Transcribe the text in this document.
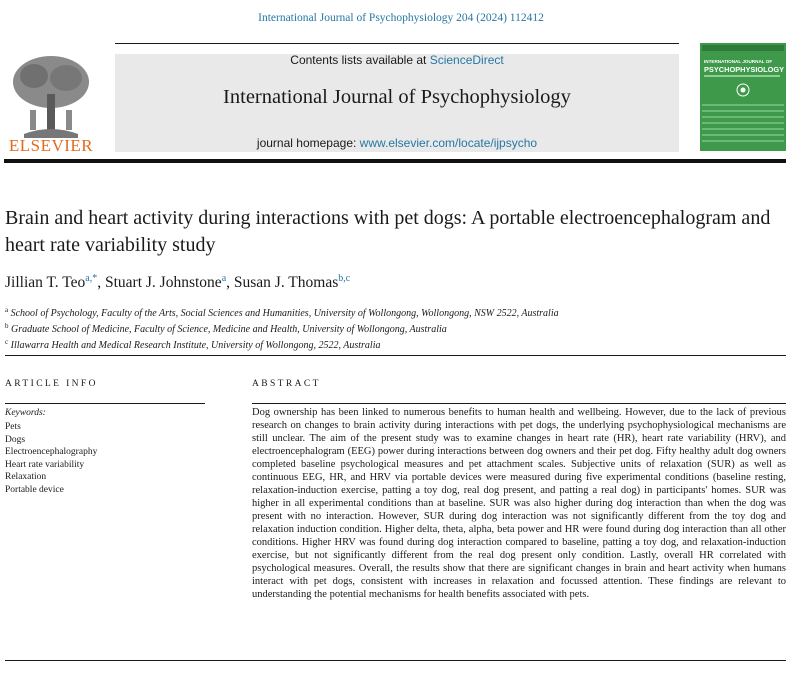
International Journal of Psychophysiology 204 (2024) 112412
ELSEVIER
Contents lists available at ScienceDirect
International Journal of Psychophysiology
journal homepage: www.elsevier.com/locate/ijpsycho
INTERNATIONAL JOURNAL OF
PSYCHOPHYSIOLOGY
Brain and heart activity during interactions with pet dogs: A portable electroencephalogram and heart rate variability study
Jillian T. Teo$^{a,*}$, Stuart J. Johnstone$^a$, Susan J. Thomas$^{b,c}$
$^a$ School of Psychology, Faculty of the Arts, Social Sciences and Humanities, University of Wollongong, Wollongong, NSW 2522, Australia
$^b$ Graduate School of Medicine, Faculty of Science, Medicine and Health, University of Wollongong, Australia
$^c$ Illawarra Health and Medical Research Institute, University of Wollongong, 2522, Australia
ARTICLE INFO	ABSTRACT
Keywords:
Pets
Dogs
Electroencephalography
Heart rate variability
Relaxation
Portable device

Dog ownership has been linked to numerous benefits to human health and wellbeing. However, due to the lack of previous research on changes to brain activity during interactions with pet dogs, the underlying psychophysiological mechanisms are still unclear. The aim of the present study was to examine changes in heart rate (HR), heart rate variability (HRV), and electroencephalogram (EEG) power during interactions between dog owners and their pet dog. Fifty healthy adult dog owners completed baseline psychological measures and pet attachment scales. Subjective units of relaxation (SUR) as well as continuous EEG, HR, and HRV via portable devices were measured during five experimental conditions (baseline resting, relaxation-induction exercise, patting a toy dog, real dog present, and patting a real dog) in participants' homes. SUR was higher in all experimental conditions than at baseline. SUR was also higher during dog interaction than when the dog was present with no interaction. However, SUR during dog interaction was not significantly different from the toy dog and relaxation induction condition. Higher delta, theta, alpha, beta power and HR were found during dog interaction than all other conditions. Higher HRV was found during dog interaction compared to baseline, patting a toy dog, and relaxation-induction exercise, but not significantly different from the real dog present only condition. Lastly, overall HR correlated with psychological measures. Overall, the results show that there are significant changes in brain and heart activity when humans interact with pet dogs, consistent with increases in relaxation and focussed attention. These findings are relevant to understanding the potential mechanisms for health benefits associated with pets.
